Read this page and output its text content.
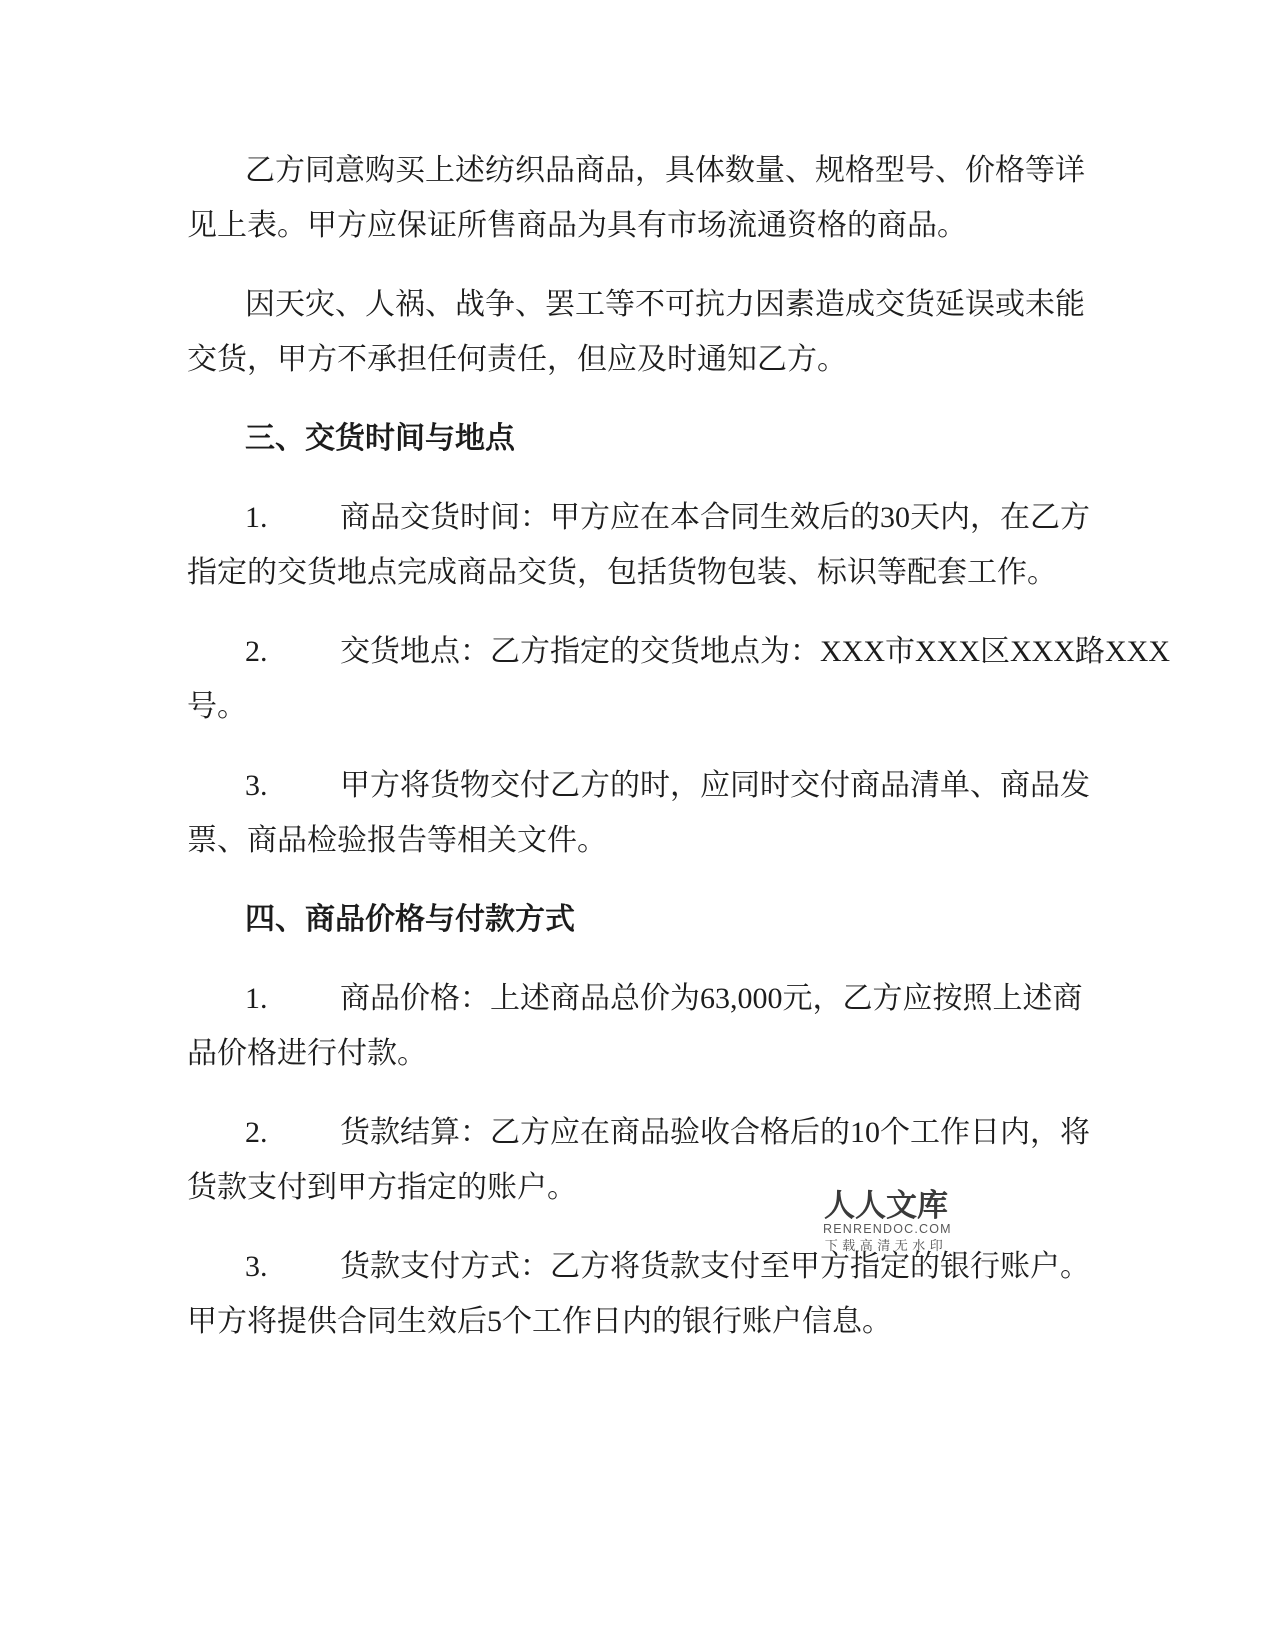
乙方同意购买上述纺织品商品，具体数量、规格型号、价格等详
见上表。甲方应保证所售商品为具有市场流通资格的商品。
因天灾、人祸、战争、罢工等不可抗力因素造成交货延误或未能
交货，甲方不承担任何责任，但应及时通知乙方。
三、交货时间与地点
1. 商品交货时间：甲方应在本合同生效后的30天内，在乙方
指定的交货地点完成商品交货，包括货物包装、标识等配套工作。
2. 交货地点：乙方指定的交货地点为：XXX市XXX区XXX路XXX
号。
3. 甲方将货物交付乙方的时，应同时交付商品清单、商品发
票、商品检验报告等相关文件。
四、商品价格与付款方式
1. 商品价格：上述商品总价为63,000元，乙方应按照上述商
品价格进行付款。
2. 货款结算：乙方应在商品验收合格后的10个工作日内，将
货款支付到甲方指定的账户。
3. 货款支付方式：乙方将货款支付至甲方指定的银行账户。
甲方将提供合同生效后5个工作日内的银行账户信息。
人人文库
RENRENDOC.COM
下载高清无水印
